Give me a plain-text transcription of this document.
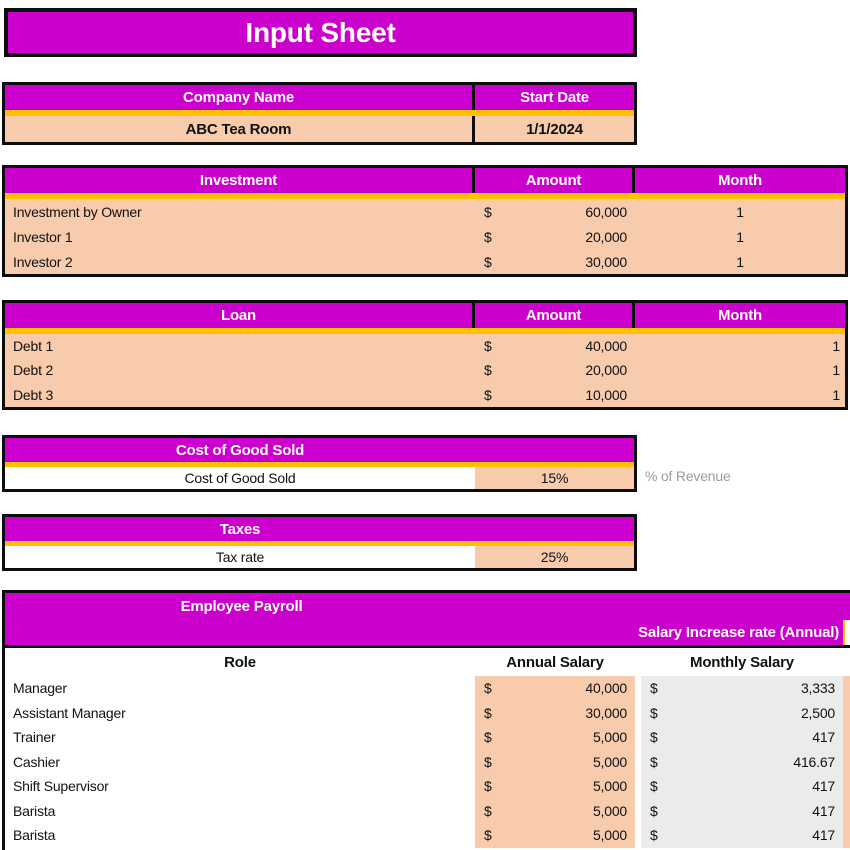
Input Sheet
Company Name	Start Date
ABC Tea Room	1/1/2024
Investment	Amount	Month
Investment by Owner	$	60,000	1
Investor 1	$	20,000	1
Investor 2	$	30,000	1
Loan	Amount	Month
Debt 1	$	40,000	1
Debt 2	$	20,000	1
Debt 3	$	10,000	1
Cost of Good Sold
Cost of Good Sold	15%	% of Revenue
Taxes
Tax rate	25%
Employee Payroll
Salary Increase rate (Annual)
Role	Annual Salary	Monthly Salary
Manager	$	40,000	$	3,333
Assistant Manager	$	30,000	$	2,500
Trainer	$	5,000	$	417
Cashier	$	5,000	$	416.67
Shift Supervisor	$	5,000	$	417
Barista	$	5,000	$	417
Barista	$	5,000	$	417
